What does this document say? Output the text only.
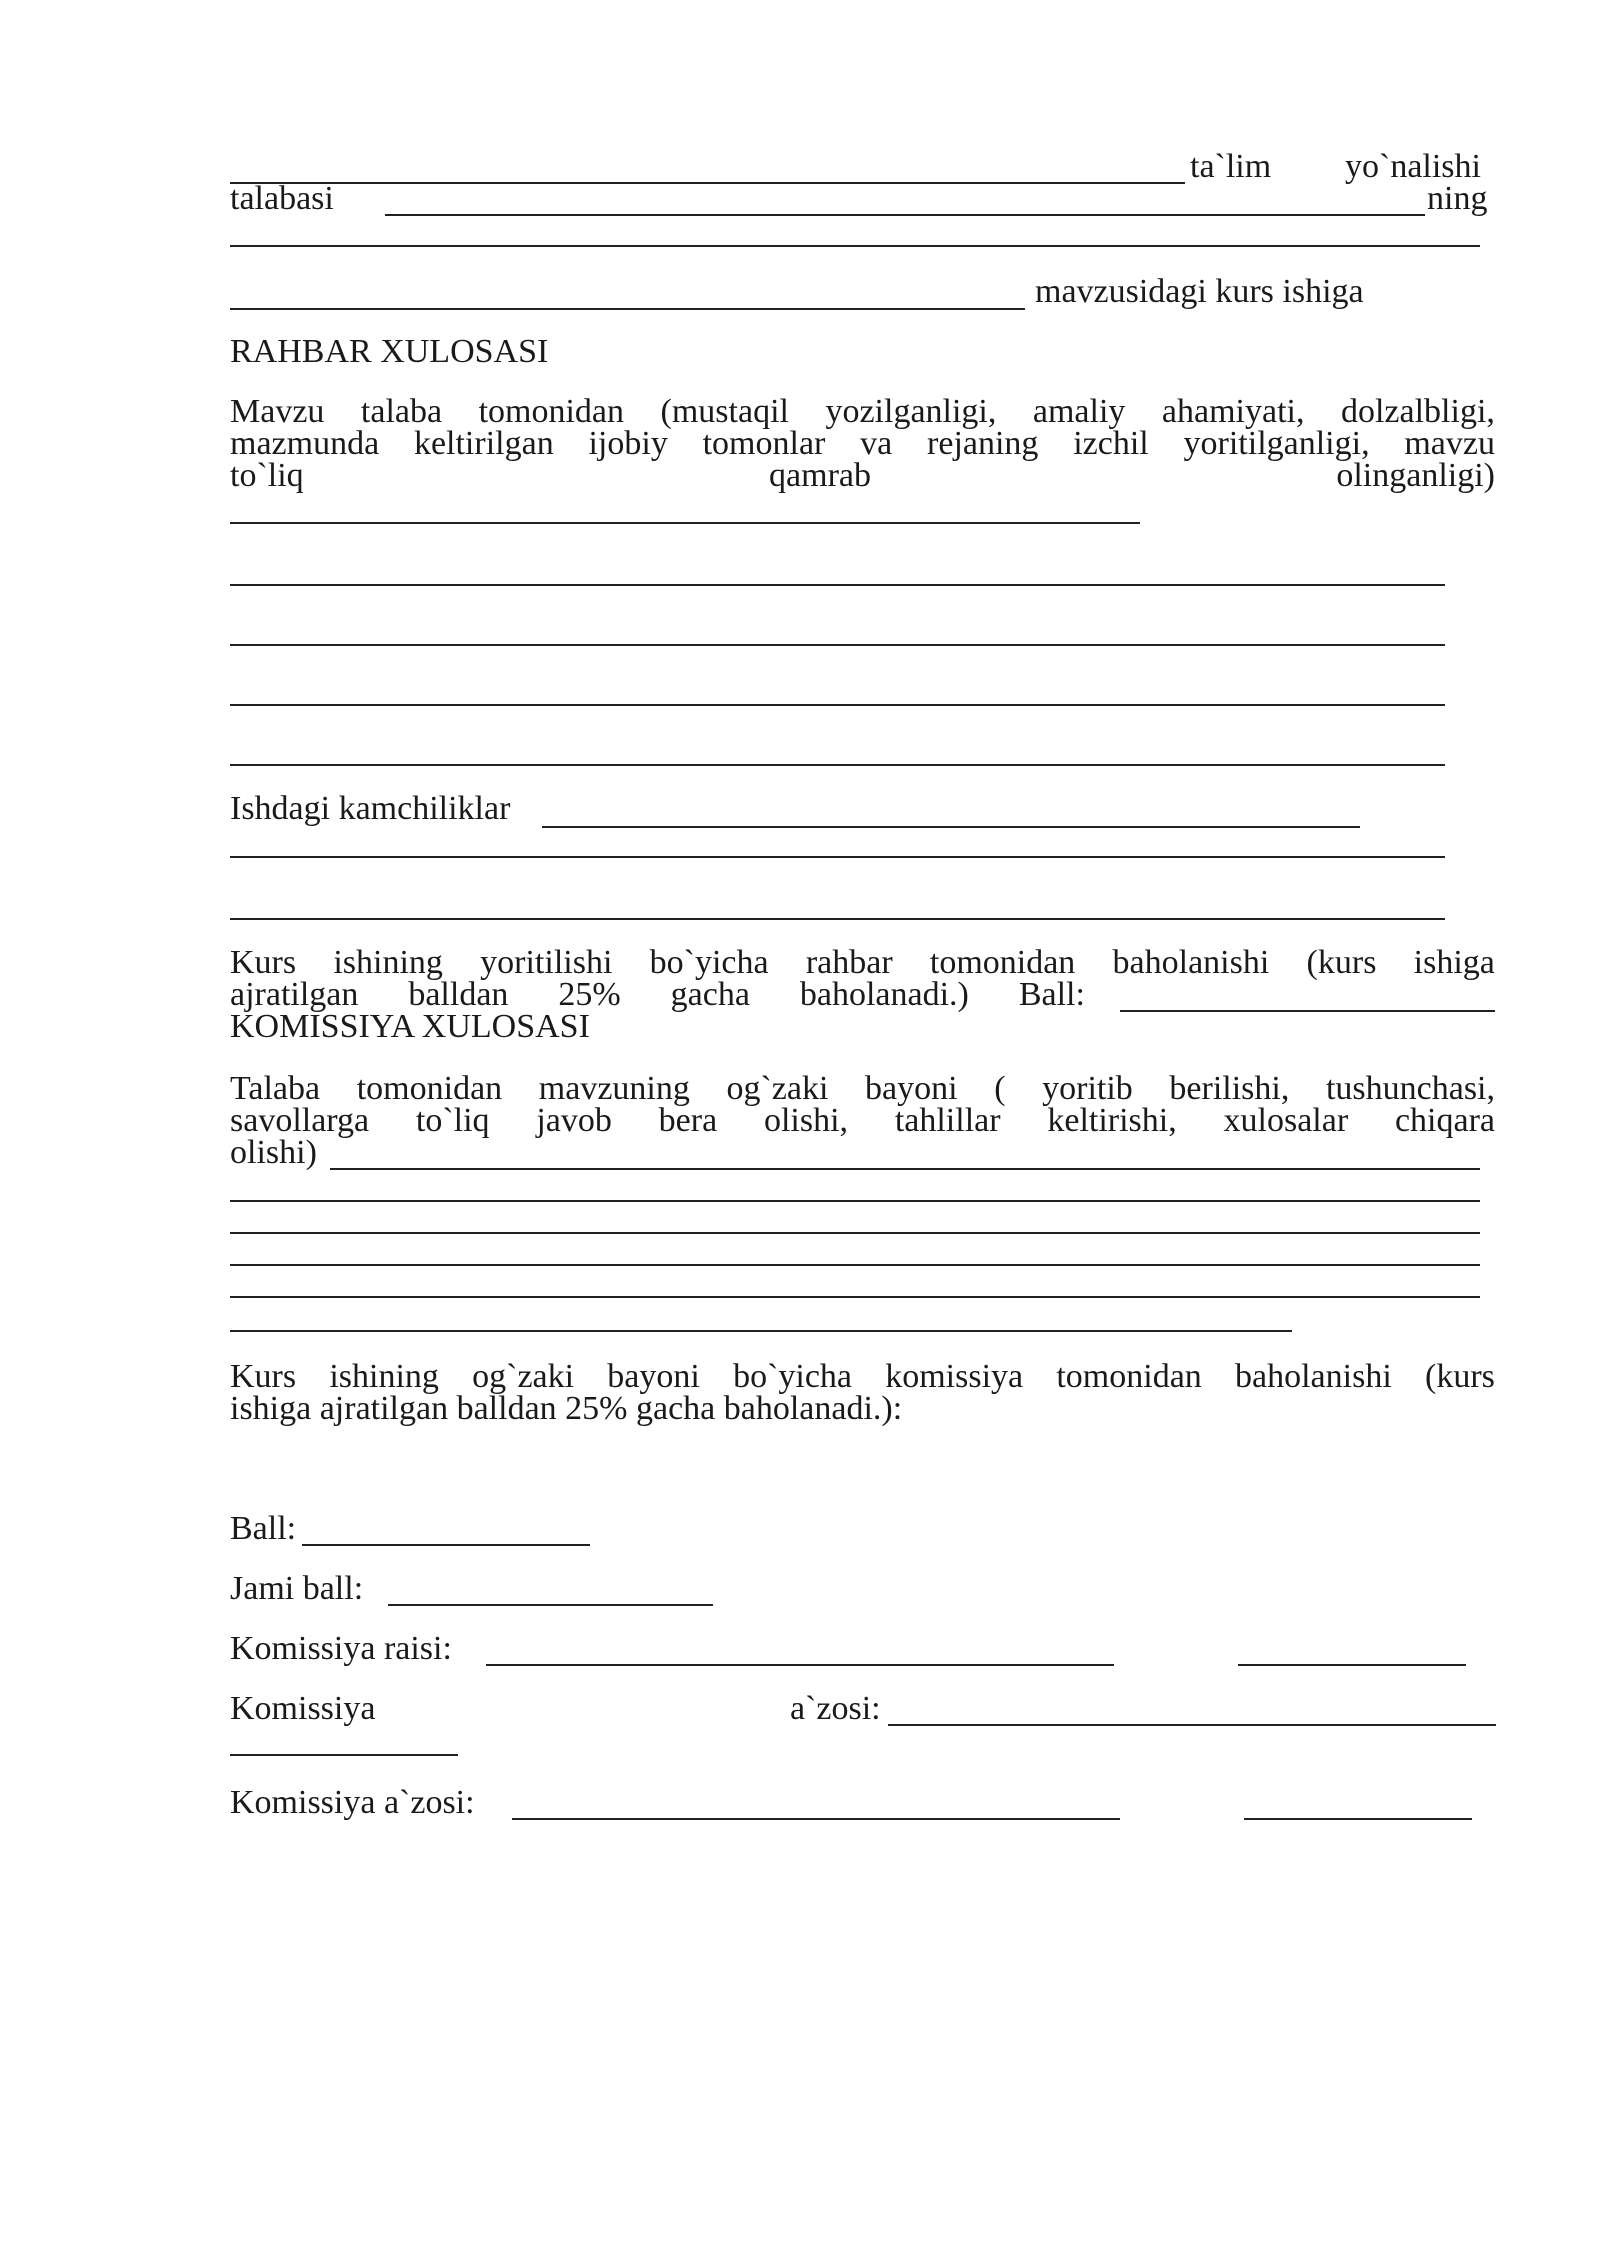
ta`lim yo`nalishi
talabasi	ning
mavzusidagi kurs ishiga
RAHBAR XULOSASI
Mavzu talaba tomonidan (mustaqil yozilganligi, amaliy ahamiyati, dolzalbligi,
mazmunda keltirilgan ijobiy tomonlar va rejaning izchil yoritilganligi, mavzu
to`liq	qamrab	olinganligi)
Ishdagi kamchiliklar
Kurs ishining yoritilishi bo`yicha rahbar tomonidan baholanishi (kurs ishiga
ajratilgan balldan 25% gacha baholanadi.) Ball:
KOMISSIYA XULOSASI
Talaba tomonidan mavzuning og`zaki bayoni ( yoritib berilishi, tushunchasi,
savollarga to`liq javob bera olishi, tahlillar keltirishi, xulosalar chiqara
olishi)
Kurs ishining og`zaki bayoni bo`yicha komissiya tomonidan baholanishi (kurs
ishiga ajratilgan balldan 25% gacha baholanadi.):
Ball:
Jami ball:
Komissiya raisi:
Komissiya	a`zosi:
Komissiya a`zosi:
